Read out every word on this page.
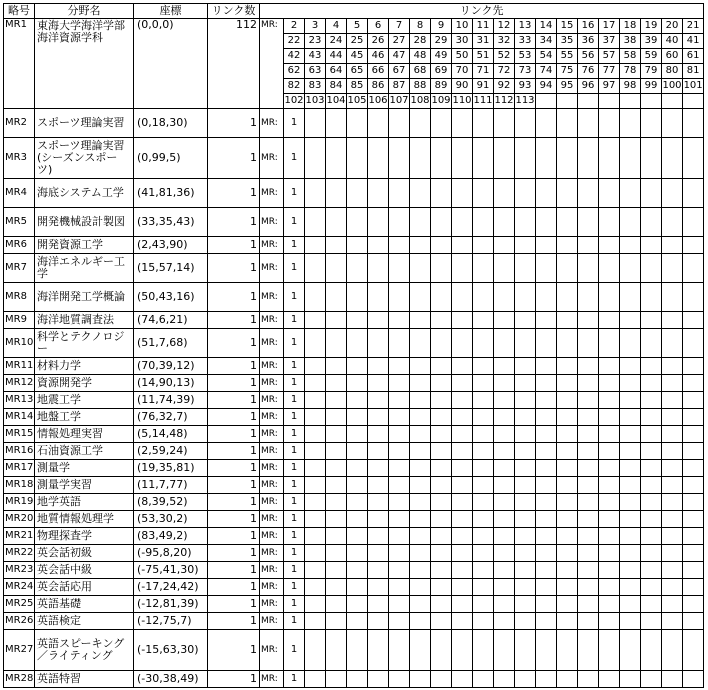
略号	分野名	座標	リンク数	リンク先																				
MR1	東海大学海洋学部海洋資源学科	(0,0,0)	112	MR:	2	3	4	5	6	7	8	9	10	11	12	13	14	15	16	17	18	19	20	21
					22	23	24	25	26	27	28	29	30	31	32	33	34	35	36	37	38	39	40	41
					42	43	44	45	46	47	48	49	50	51	52	53	54	55	56	57	58	59	60	61
					62	63	64	65	66	67	68	69	70	71	72	73	74	75	76	77	78	79	80	81
					82	83	84	85	86	87	88	89	90	91	92	93	94	95	96	97	98	99	100	101
					102	103	104	105	106	107	108	109	110	111	112	113								
MR2	スポーツ理論実習	(0,18,30)	1	MR:	1																			
MR3	スポーツ理論実習(シーズンスポーツ)	(0,99,5)	1	MR:	1																			
MR4	海底システム工学	(41,81,36)	1	MR:	1																			
MR5	開発機械設計製図	(33,35,43)	1	MR:	1																			
MR6	開発資源工学	(2,43,90)	1	MR:	1																			
MR7	海洋エネルギー工学	(15,57,14)	1	MR:	1																			
MR8	海洋開発工学概論	(50,43,16)	1	MR:	1																			
MR9	海洋地質調査法	(74,6,21)	1	MR:	1																			
MR10	科学とテクノロジー	(51,7,68)	1	MR:	1																			
MR11	材料力学	(70,39,12)	1	MR:	1																			
MR12	資源開発学	(14,90,13)	1	MR:	1																			
MR13	地震工学	(11,74,39)	1	MR:	1																			
MR14	地盤工学	(76,32,7)	1	MR:	1																			
MR15	情報処理実習	(5,14,48)	1	MR:	1																			
MR16	石油資源工学	(2,59,24)	1	MR:	1																			
MR17	測量学	(19,35,81)	1	MR:	1																			
MR18	測量学実習	(11,7,77)	1	MR:	1																			
MR19	地学英語	(8,39,52)	1	MR:	1																			
MR20	地質情報処理学	(53,30,2)	1	MR:	1																			
MR21	物理探査学	(83,49,2)	1	MR:	1																			
MR22	英会話初級	(-95,8,20)	1	MR:	1																			
MR23	英会話中級	(-75,41,30)	1	MR:	1																			
MR24	英会話応用	(-17,24,42)	1	MR:	1																			
MR25	英語基礎	(-12,81,39)	1	MR:	1																			
MR26	英語検定	(-12,75,7)	1	MR:	1																			
MR27	英語スピーキング／ライティング	(-15,63,30)	1	MR:	1																			
MR28	英語特習	(-30,38,49)	1	MR:	1																			
